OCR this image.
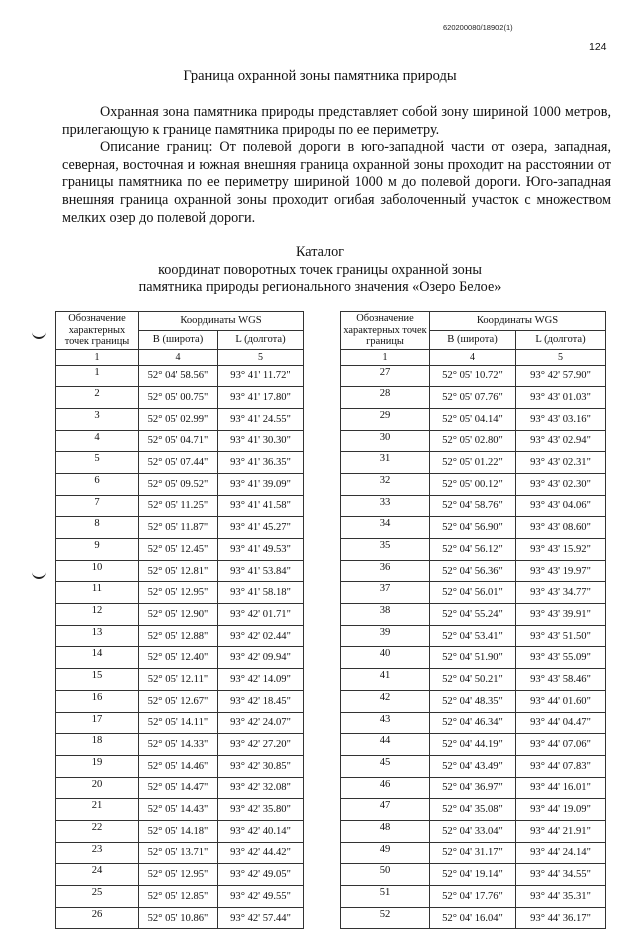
620200080/18902(1)
124
Граница охранной зоны памятника природы

Охранная зона памятника природы представляет собой зону шириной 1000 метров, прилегающую к границе памятника природы по ее периметру.

Описание границ: От полевой дороги в юго-западной части от озера, западная, северная, восточная и южная внешняя граница охранной зоны проходит на расстоянии от границы памятника по ее периметру шириной 1000 м до полевой дороги. Юго-западная внешняя граница охранной зоны проходит огибая заболоченный участок с множеством мелких озер до полевой дороги.

Каталог
координат поворотных точек границы охранной зоны
памятника природы регионального значения «Озеро Белое»
Обозначение характерных точек границы	Координаты WGS	
	B (широта)	L (долгота)
1	4	5
1	52° 04' 58.56"	93° 41' 11.72"
2	52° 05' 00.75"	93° 41' 17.80"
3	52° 05' 02.99"	93° 41' 24.55"
4	52° 05' 04.71"	93° 41' 30.30"
5	52° 05' 07.44"	93° 41' 36.35"
6	52° 05' 09.52"	93° 41' 39.09"
7	52° 05' 11.25"	93° 41' 41.58"
8	52° 05' 11.87"	93° 41' 45.27"
9	52° 05' 12.45"	93° 41' 49.53"
10	52° 05' 12.81"	93° 41' 53.84"
11	52° 05' 12.95"	93° 41' 58.18"
12	52° 05' 12.90"	93° 42' 01.71"
13	52° 05' 12.88"	93° 42' 02.44"
14	52° 05' 12.40"	93° 42' 09.94"
15	52° 05' 12.11"	93° 42' 14.09"
16	52° 05' 12.67"	93° 42' 18.45"
17	52° 05' 14.11"	93° 42' 24.07"
18	52° 05' 14.33"	93° 42' 27.20"
19	52° 05' 14.46"	93° 42' 30.85"
20	52° 05' 14.47"	93° 42' 32.08"
21	52° 05' 14.43"	93° 42' 35.80"
22	52° 05' 14.18"	93° 42' 40.14"
23	52° 05' 13.71"	93° 42' 44.42"
24	52° 05' 12.95"	93° 42' 49.05"
25	52° 05' 12.85"	93° 42' 49.55"
26	52° 05' 10.86"	93° 42' 57.44"
Обозначение характерных точек границы	Координаты WGS	
	B (широта)	L (долгота)
1	4	5
27	52° 05' 10.72"	93° 42' 57.90"
28	52° 05' 07.76"	93° 43' 01.03"
29	52° 05' 04.14"	93° 43' 03.16"
30	52° 05' 02.80"	93° 43' 02.94"
31	52° 05' 01.22"	93° 43' 02.31"
32	52° 05' 00.12"	93° 43' 02.30"
33	52° 04' 58.76"	93° 43' 04.06"
34	52° 04' 56.90"	93° 43' 08.60"
35	52° 04' 56.12"	93° 43' 15.92"
36	52° 04' 56.36"	93° 43' 19.97"
37	52° 04' 56.01"	93° 43' 34.77"
38	52° 04' 55.24"	93° 43' 39.91"
39	52° 04' 53.41"	93° 43' 51.50"
40	52° 04' 51.90"	93° 43' 55.09"
41	52° 04' 50.21"	93° 43' 58.46"
42	52° 04' 48.35"	93° 44' 01.60"
43	52° 04' 46.34"	93° 44' 04.47"
44	52° 04' 44.19"	93° 44' 07.06"
45	52° 04' 43.49"	93° 44' 07.83"
46	52° 04' 36.97"	93° 44' 16.01"
47	52° 04' 35.08"	93° 44' 19.09"
48	52° 04' 33.04"	93° 44' 21.91"
49	52° 04' 31.17"	93° 44' 24.14"
50	52° 04' 19.14"	93° 44' 34.55"
51	52° 04' 17.76"	93° 44' 35.31"
52	52° 04' 16.04"	93° 44' 36.17"
